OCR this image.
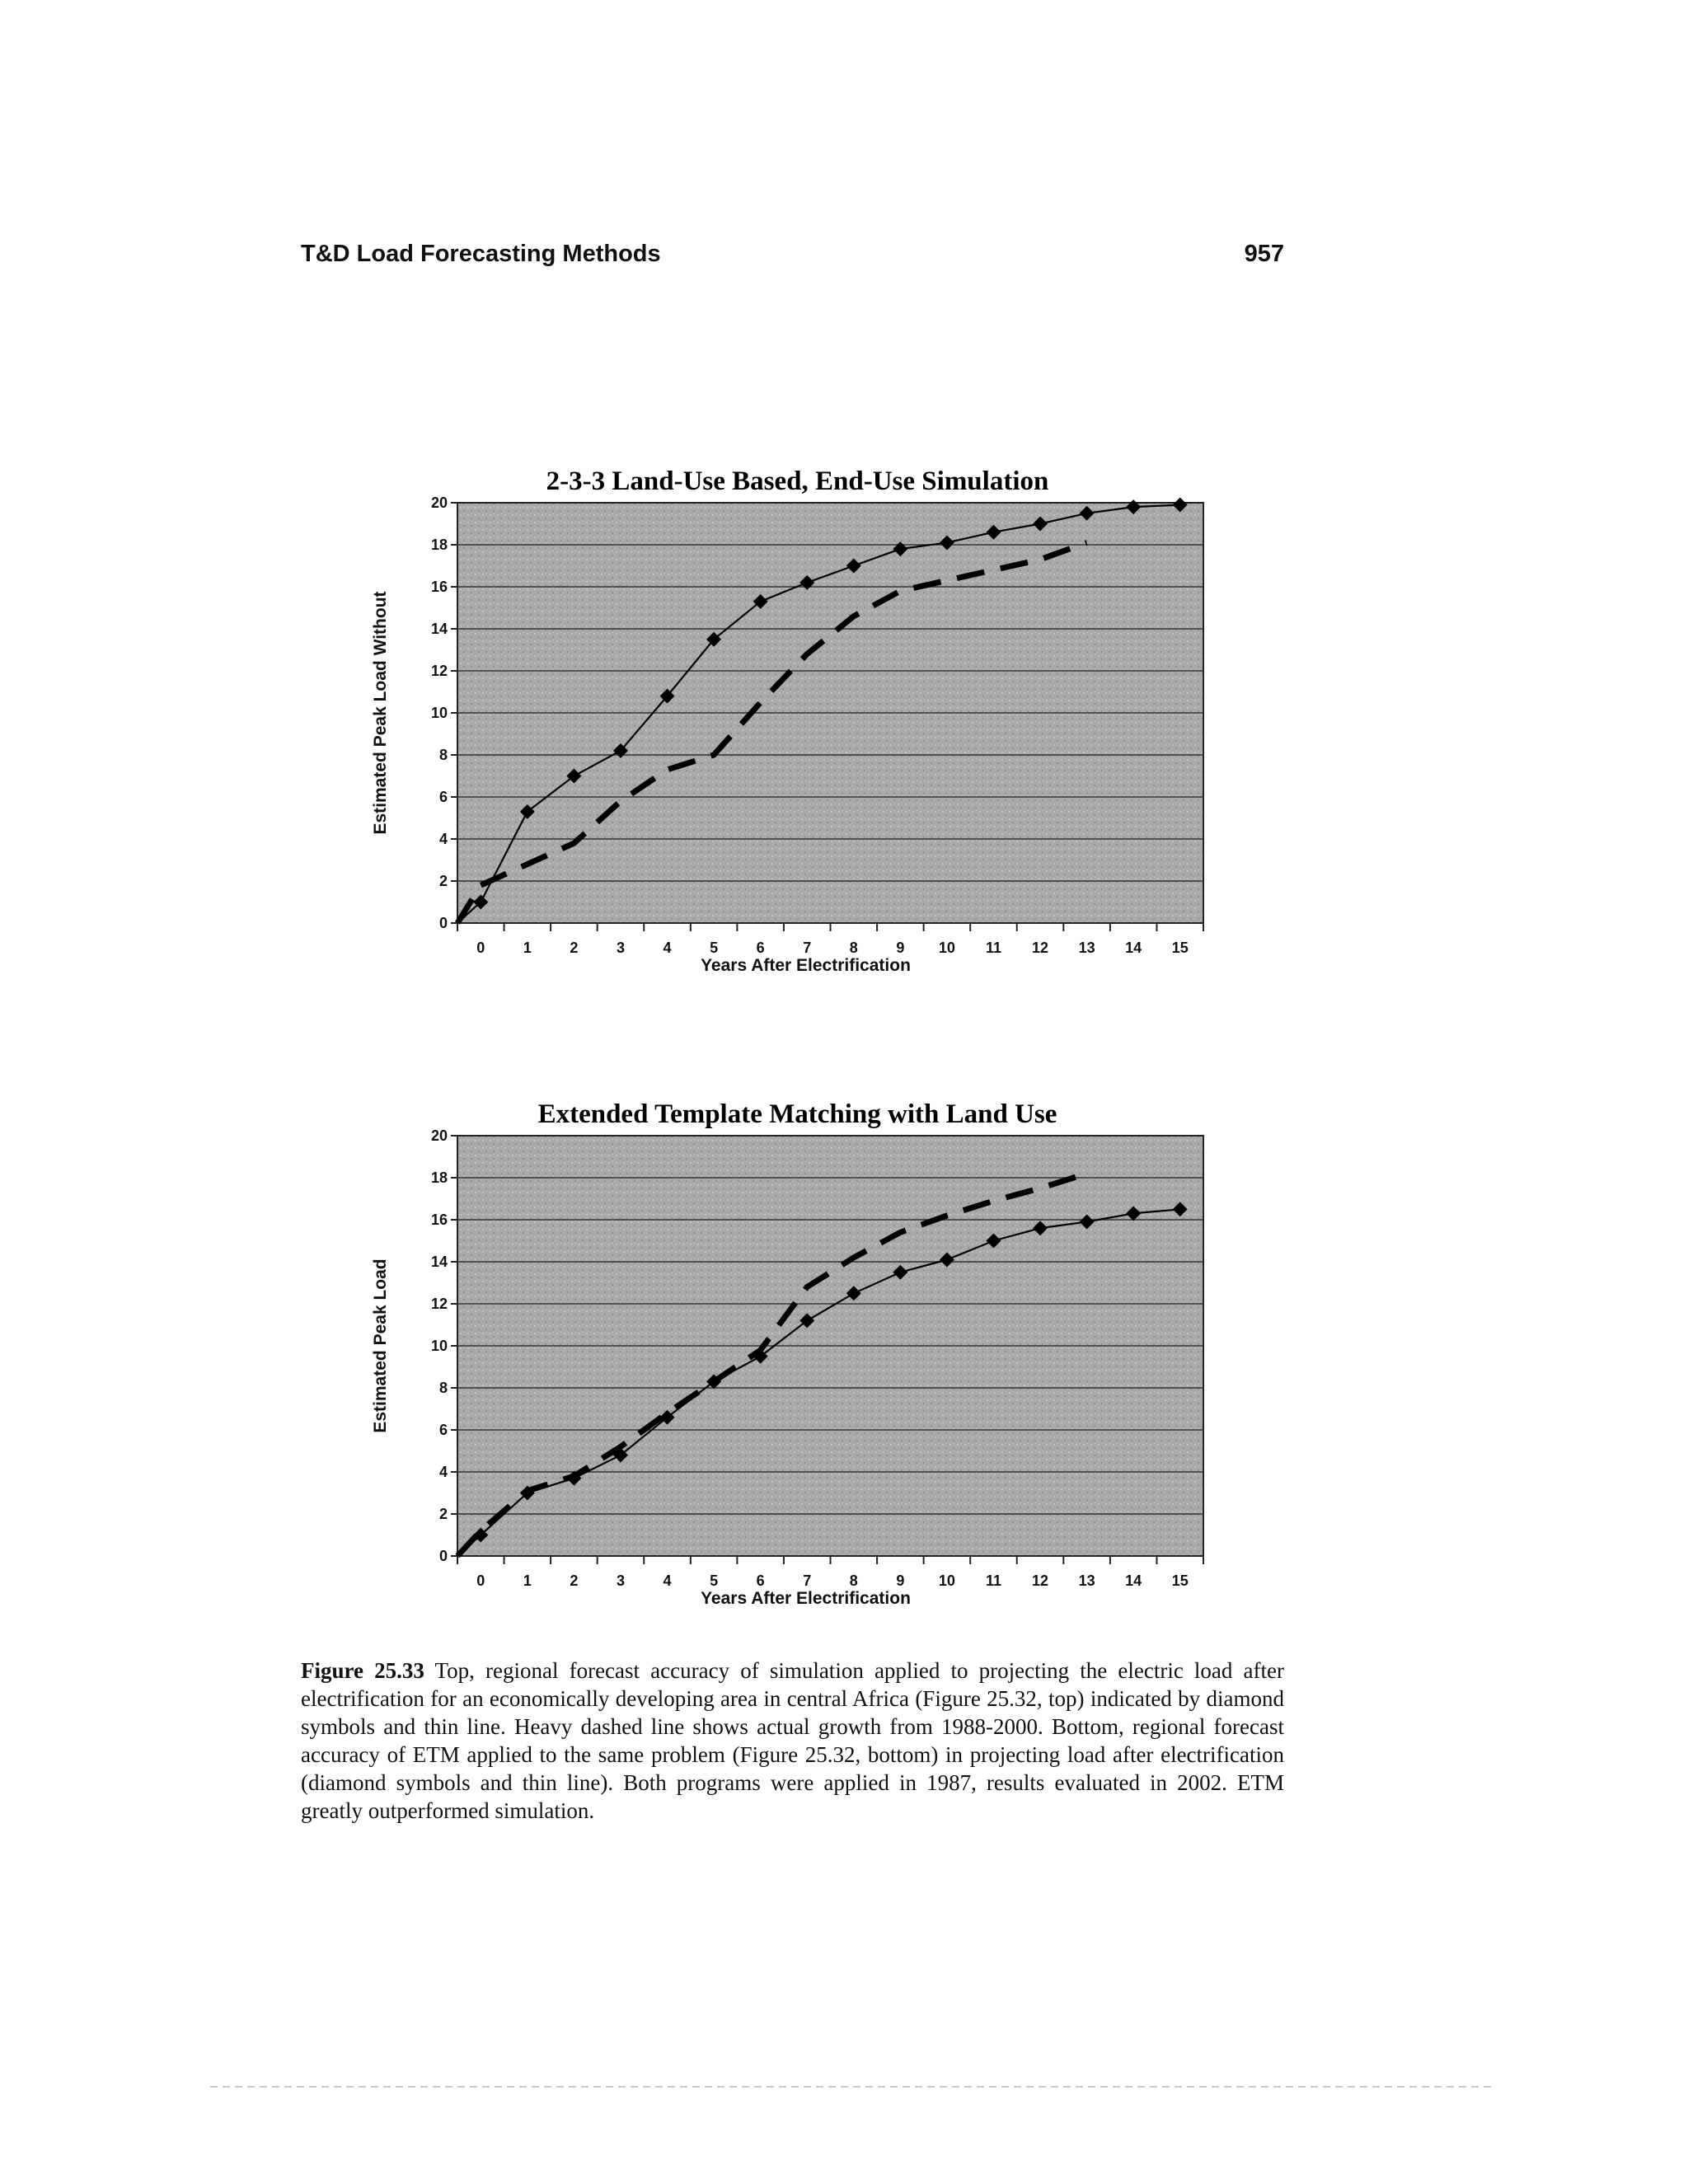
T&D Load Forecasting Methods	957
0
2
4
6
8
10
12
14
16
18
20
0	1	2	3	4	5	6	7	8	9 10 11 12 13 14 15
2-3-3 Land-Use Based, End-Use Simulation
Years After Electrification
Estimated Peak Load Without
0
2
4
6
8
10
12
14
16
18
20
0	1	2	3	4	5	6	7	8	9 10 11 12 13 14 15
Extended Template Matching with Land Use
Years After Electrification
Estimated Peak Load

Figure 25.33 Top, regional forecast accuracy of simulation applied to projecting the electric load after electrification for an economically developing area in central Africa (Figure 25.32, top) indicated by diamond symbols and thin line. Heavy dashed line shows actual growth from 1988-2000. Bottom, regional forecast accuracy of ETM applied to the same problem (Figure 25.32, bottom) in projecting load after electrification (diamond symbols and thin line). Both programs were applied in 1987, results evaluated in 2002. ETM greatly outperformed simulation.
